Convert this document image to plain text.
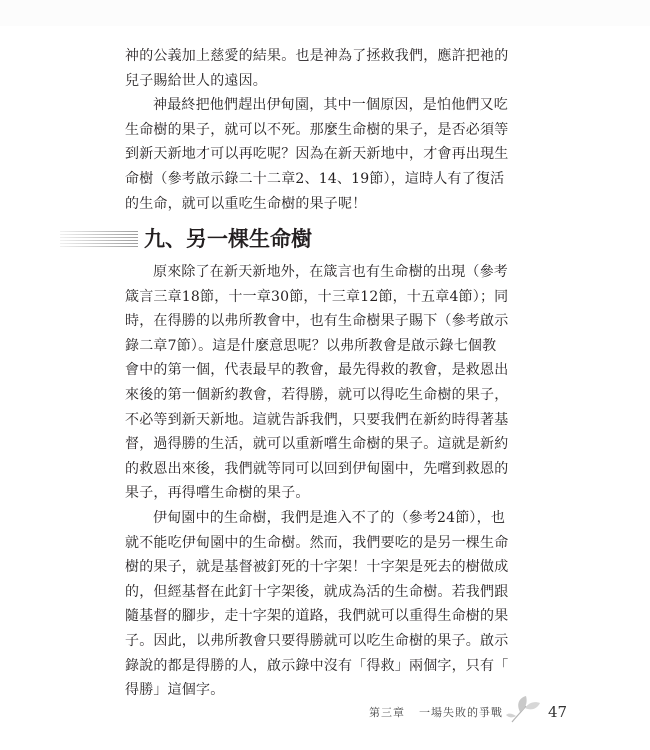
祌的公義加上慈愛的結果。也是神為了拯救我們，應許把祂的

兒子賜給世人的遠因。

神最終把他們趕出伊甸園，其中一個原因，是怕他們又吃

生命樹的果子，就可以不死。那麼生命樹的果子，是否必須等

到新天新地才可以再吃呢？因為在新天新地中，才會再出現生

命樹（參考啟示錄二十二章2、14、19節），這時人有了復活

的生命，就可以重吃生命樹的果子呢！

九、另一棵生命樹

原來除了在新天新地外，在箴言也有生命樹的出現（參考

箴言三章18節，十一章30節，十三章12節，十五章4節）；同

時，在得勝的以弗所教會中，也有生命樹果子賜下（參考啟示

錄二章7節）。這是什麼意思呢？以弗所教會是啟示錄七個教

會中的第一個，代表最早的教會，最先得救的教會，是救恩出

來後的第一個新約教會，若得勝，就可以得吃生命樹的果子，

不必等到新天新地。這就告訴我們，只要我們在新約時得著基

督，過得勝的生活，就可以重新嚐生命樹的果子。這就是新約

的救恩出來後，我們就等同可以回到伊甸園中，先嚐到救恩的

果子，再得嚐生命樹的果子。

伊甸園中的生命樹，我們是進入不了的（參考24節），也

就不能吃伊甸園中的生命樹。然而，我們要吃的是另一棵生命

樹的果子，就是基督被釘死的十字架！十字架是死去的樹做成

的，但經基督在此釘十字架後，就成為活的生命樹。若我們跟

隨基督的腳步，走十字架的道路，我們就可以重得生命樹的果

子。因此，以弗所教會只要得勝就可以吃生命樹的果子。啟示

錄說的都是得勝的人，啟示錄中沒有「得救」兩個字，只有「

得勝」這個字。

第三章 一場失敗的爭戰	47
